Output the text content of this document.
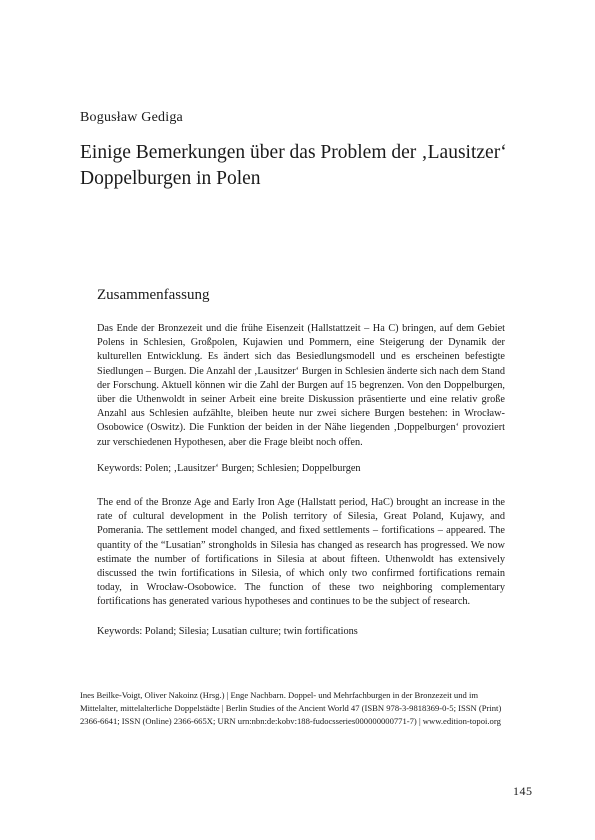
Bogusław Gediga
Einige Bemerkungen über das Problem der ‚Lausitzer‘ Doppelburgen in Polen
Zusammenfassung

Das Ende der Bronzezeit und die frühe Eisenzeit (Hallstattzeit – Ha C) bringen, auf dem Gebiet Polens in Schlesien, Großpolen, Kujawien und Pommern, eine Steigerung der Dynamik der kulturellen Entwicklung. Es ändert sich das Besiedlungsmodell und es erscheinen befestigte Siedlungen – Burgen. Die Anzahl der ‚Lausitzer‘ Burgen in Schlesien änderte sich nach dem Stand der Forschung. Aktuell können wir die Zahl der Burgen auf 15 begrenzen. Von den Doppelburgen, über die Uthenwoldt in seiner Arbeit eine breite Diskussion präsentierte und eine relativ große Anzahl aus Schlesien aufzählte, bleiben heute nur zwei sichere Burgen bestehen: in Wrocław-Osobowice (Oswitz). Die Funktion der beiden in der Nähe liegenden ‚Doppelburgen‘ provoziert zur verschiedenen Hypothesen, aber die Frage bleibt noch offen.

Keywords: Polen; ‚Lausitzer‘ Burgen; Schlesien; Doppelburgen

The end of the Bronze Age and Early Iron Age (Hallstatt period, HaC) brought an increase in the rate of cultural development in the Polish territory of Silesia, Great Poland, Kujawy, and Pomerania. The settlement model changed, and fixed settlements – fortifications – appeared. The quantity of the “Lusatian” strongholds in Silesia has changed as research has progressed. We now estimate the number of fortifications in Silesia at about fifteen. Uthenwoldt has extensively discussed the twin fortifications in Silesia, of which only two confirmed fortifications remain today, in Wrocław-Osobowice. The function of these two neighboring complementary fortifications has generated various hypotheses and continues to be the subject of research.

Keywords: Poland; Silesia; Lusatian culture; twin fortifications

Ines Beilke-Voigt, Oliver Nakoinz (Hrsg.) | Enge Nachbarn. Doppel- und Mehrfachburgen in der Bronzezeit und im Mittelalter, mittelalterliche Doppelstädte | Berlin Studies of the Ancient World 47 (ISBN 978-3-9818369-0-5; ISSN (Print) 2366-6641; ISSN (Online) 2366-665X; URN urn:nbn:de:kobv:188-fudocsseries000000000771-7) | www.edition-topoi.org

145
